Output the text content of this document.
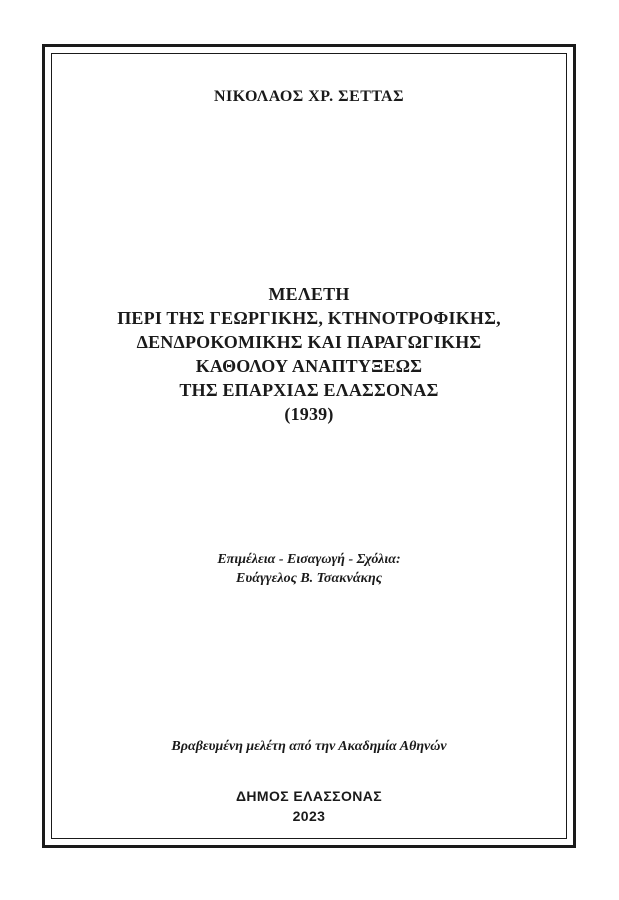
ΝΙΚΟΛΑΟΣ ΧΡ. ΣΕΤΤΑΣ
ΜΕΛΕΤΗ
ΠΕΡΙ ΤΗΣ ΓΕΩΡΓΙΚΗΣ, ΚΤΗΝΟΤΡΟΦΙΚΗΣ,
ΔΕΝΔΡΟΚΟΜΙΚΗΣ ΚΑΙ ΠΑΡΑΓΩΓΙΚΗΣ
ΚΑΘΟΛΟΥ ΑΝΑΠΤΥΞΕΩΣ
ΤΗΣ ΕΠΑΡΧΙΑΣ ΕΛΑΣΣΟΝΑΣ
(1939)
Επιμέλεια - Εισαγωγή - Σχόλια:
Ευάγγελος Β. Τσακνάκης
Βραβευμένη μελέτη από την Ακαδημία Αθηνών
ΔΗΜΟΣ ΕΛΑΣΣΟΝΑΣ
2023
